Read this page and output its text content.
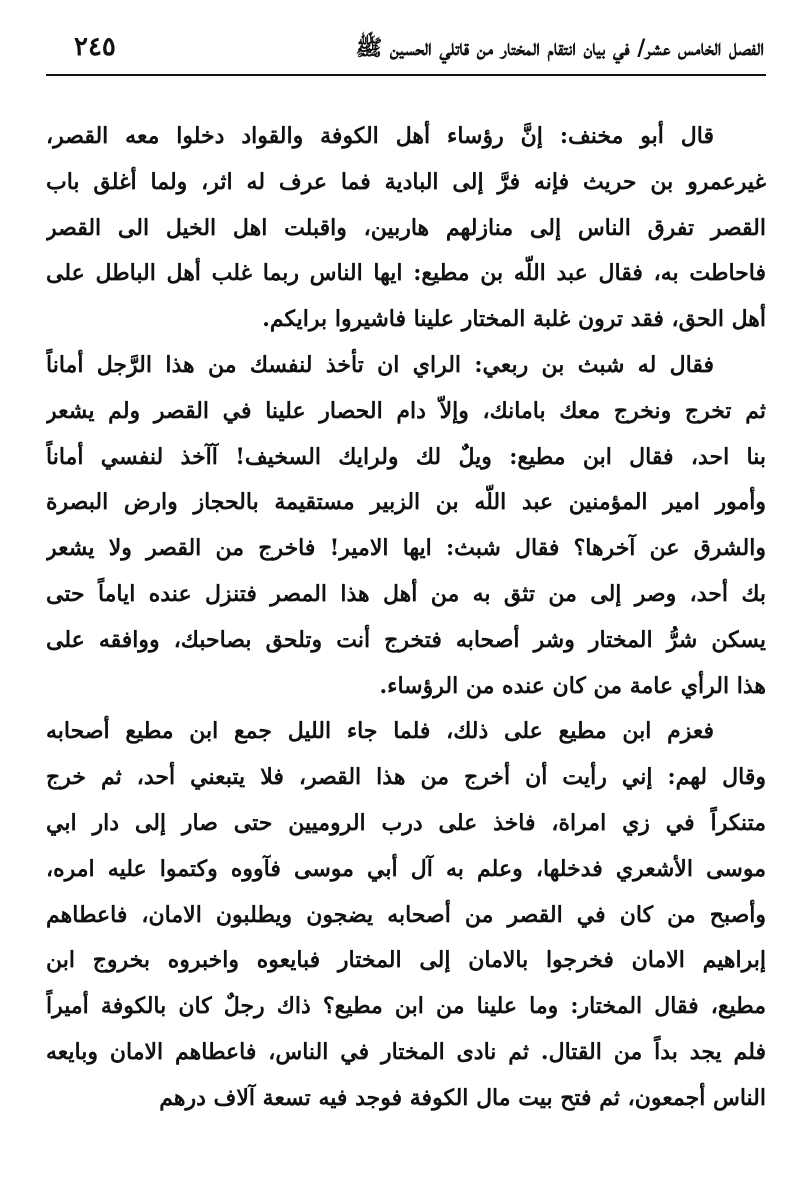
الفصل الخامس عشر/ في بيان انتقام المختار من قاتلي الحسين ﷺ
٢٤٥

قال أبو مخنف: إنَّ رؤساء أهل الكوفة والقواد دخلوا معه القصر،
غيرعمرو بن حريث فإنه فرَّ إلى البادية فما عرف له اثر، ولما أغلق باب
القصر تفرق الناس إلى منازلهم هاربين، واقبلت اهل الخيل الى القصر
فاحاطت به، فقال عبد اللّه بن مطيع: ايها الناس ربما غلب أهل الباطل على
أهل الحق، فقد ترون غلبة المختار علينا فاشيروا برايكم.

فقال له شبث بن ربعي: الراي ان تأخذ لنفسك من هذا الرَّجل أماناً
ثم تخرج ونخرج معك بامانك، وإلاّ دام الحصار علينا في القصر ولم يشعر
بنا احد، فقال ابن مطيع: ويلٌ لك ولرايك السخيف! آآخذ لنفسي أماناً
وأمور امير المؤمنين عبد اللّه بن الزبير مستقيمة بالحجاز وارض البصرة
والشرق عن آخرها؟ فقال شبث: ايها الامير! فاخرج من القصر ولا يشعر
بك أحد، وصر إلى من تثق به من أهل هذا المصر فتنزل عنده اياماً حتى
يسكن شرُّ المختار وشر أصحابه فتخرج أنت وتلحق بصاحبك، ووافقه على
هذا الرأي عامة من كان عنده من الرؤساء.

فعزم ابن مطيع على ذلك، فلما جاء الليل جمع ابن مطيع أصحابه
وقال لهم: إني رأيت أن أخرج من هذا القصر، فلا يتبعني أحد، ثم خرج
متنكراً في زي امراة، فاخذ على درب الروميين حتى صار إلى دار ابي
موسى الأشعري فدخلها، وعلم به آل أبي موسى فآووه وكتموا عليه امره،
وأصبح من كان في القصر من أصحابه يضجون ويطلبون الامان، فاعطاهم
إبراهيم الامان فخرجوا بالامان إلى المختار فبايعوه واخبروه بخروج ابن
مطيع، فقال المختار: وما علينا من ابن مطيع؟ ذاك رجلٌ كان بالكوفة أميراً
فلم يجد بداً من القتال. ثم نادى المختار في الناس، فاعطاهم الامان وبايعه
الناس أجمعون، ثم فتح بيت مال الكوفة فوجد فيه تسعة آلاف درهم
